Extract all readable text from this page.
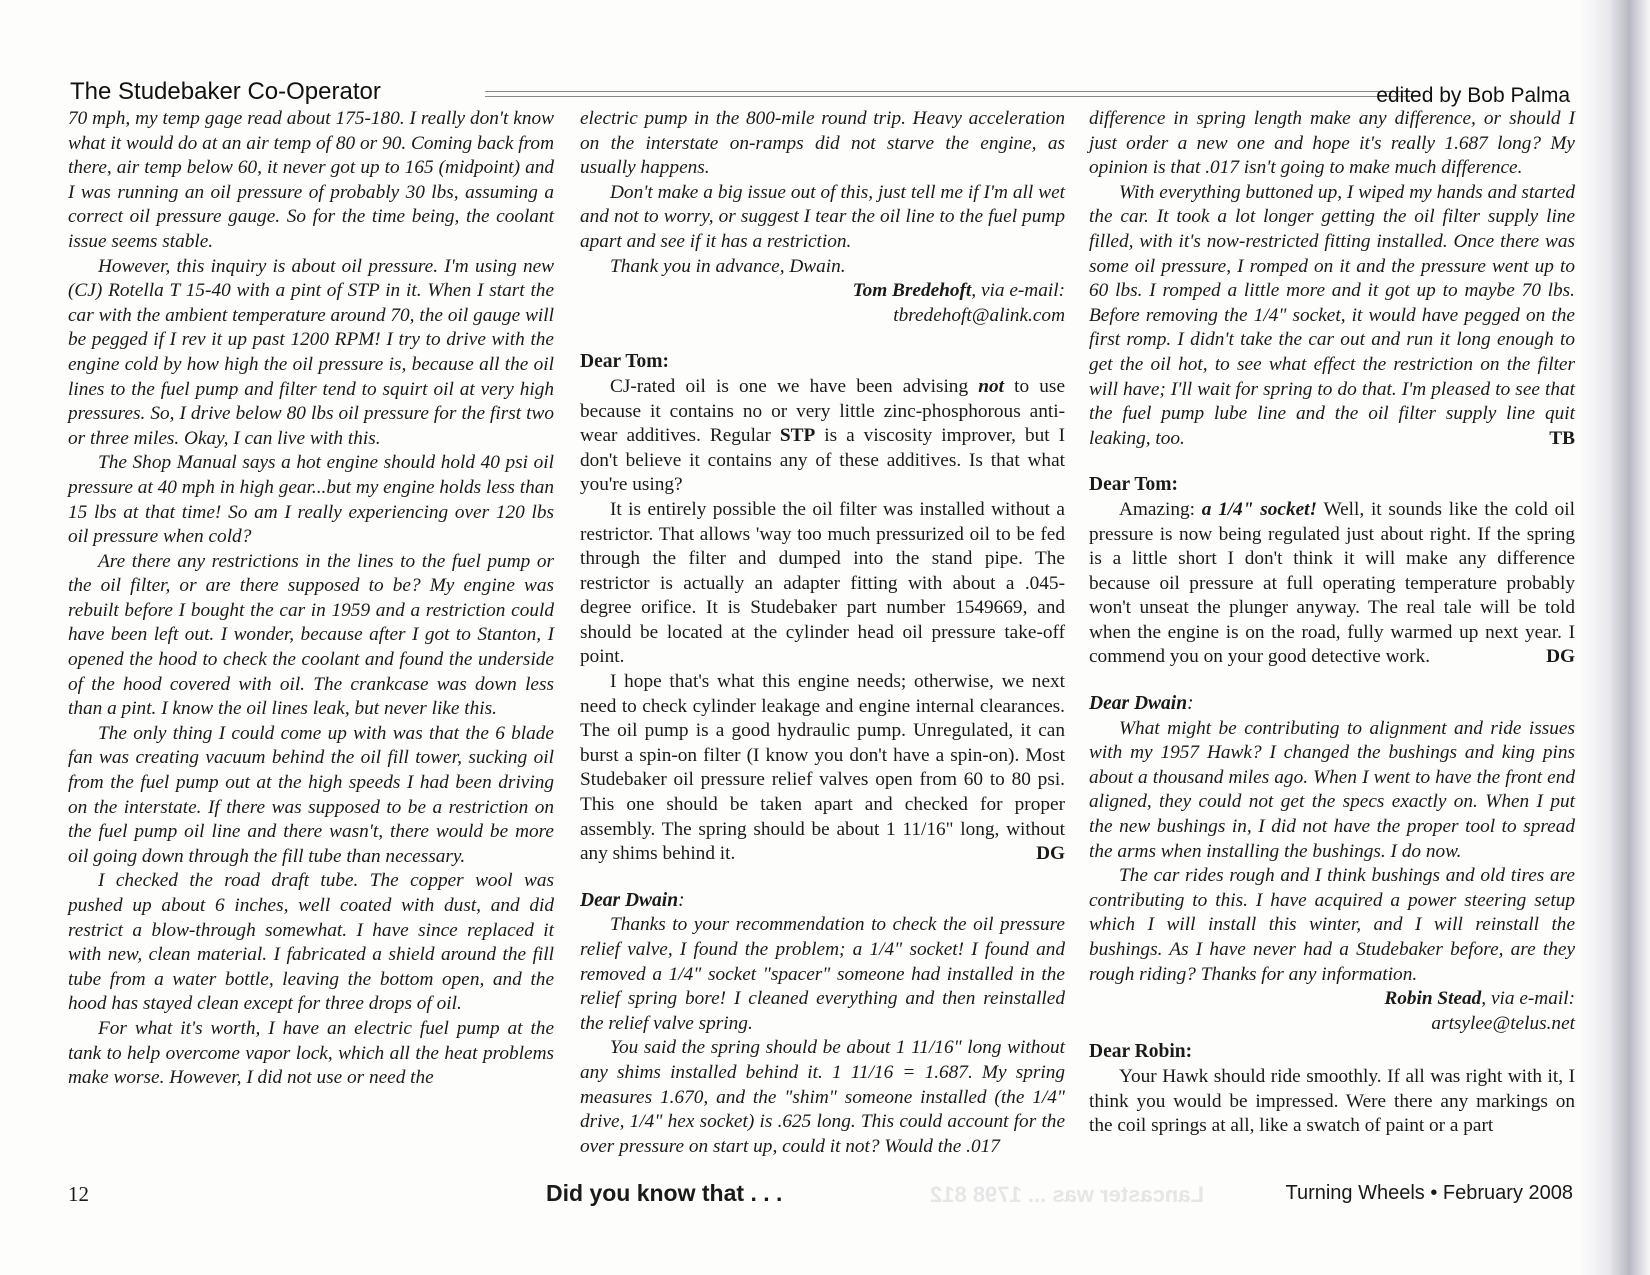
The Studebaker Co-Operator	edited by Bob Palma

70 mph, my temp gage read about 175-180. I really don't know what it would do at an air temp of 80 or 90. Coming back from there, air temp below 60, it never got up to 165 (midpoint) and I was running an oil pressure of probably 30 lbs, assuming a correct oil pressure gauge. So for the time being, the coolant issue seems stable.

However, this inquiry is about oil pressure. I'm using new (CJ) Rotella T 15-40 with a pint of STP in it. When I start the car with the ambient temperature around 70, the oil gauge will be pegged if I rev it up past 1200 RPM! I try to drive with the engine cold by how high the oil pressure is, because all the oil lines to the fuel pump and filter tend to squirt oil at very high pressures. So, I drive below 80 lbs oil pressure for the first two or three miles. Okay, I can live with this.

The Shop Manual says a hot engine should hold 40 psi oil pressure at 40 mph in high gear...but my engine holds less than 15 lbs at that time! So am I really experiencing over 120 lbs oil pressure when cold?

Are there any restrictions in the lines to the fuel pump or the oil filter, or are there supposed to be? My engine was rebuilt before I bought the car in 1959 and a restriction could have been left out. I wonder, because after I got to Stanton, I opened the hood to check the coolant and found the underside of the hood covered with oil. The crankcase was down less than a pint. I know the oil lines leak, but never like this.

The only thing I could come up with was that the 6 blade fan was creating vacuum behind the oil fill tower, sucking oil from the fuel pump out at the high speeds I had been driving on the interstate. If there was supposed to be a restriction on the fuel pump oil line and there wasn't, there would be more oil going down through the fill tube than necessary.

I checked the road draft tube. The copper wool was pushed up about 6 inches, well coated with dust, and did restrict a blow-through somewhat. I have since replaced it with new, clean material. I fabricated a shield around the fill tube from a water bottle, leaving the bottom open, and the hood has stayed clean except for three drops of oil.

For what it's worth, I have an electric fuel pump at the tank to help overcome vapor lock, which all the heat problems make worse. However, I did not use or need the

electric pump in the 800-mile round trip. Heavy acceleration on the interstate on-ramps did not starve the engine, as usually happens.

Don't make a big issue out of this, just tell me if I'm all wet and not to worry, or suggest I tear the oil line to the fuel pump apart and see if it has a restriction.

Thank you in advance, Dwain.

Tom Bredehoft, via e-mail:

tbredehoft@alink.com

Dear Tom:

CJ-rated oil is one we have been advising not to use because it contains no or very little zinc-phosphorous anti-wear additives. Regular STP is a viscosity improver, but I don't believe it contains any of these additives. Is that what you're using?

It is entirely possible the oil filter was installed without a restrictor. That allows 'way too much pressurized oil to be fed through the filter and dumped into the stand pipe. The restrictor is actually an adapter fitting with about a .045-degree orifice. It is Studebaker part number 1549669, and should be located at the cylinder head oil pressure take-off point.

I hope that's what this engine needs; otherwise, we next need to check cylinder leakage and engine internal clearances. The oil pump is a good hydraulic pump. Unregulated, it can burst a spin-on filter (I know you don't have a spin-on). Most Studebaker oil pressure relief valves open from 60 to 80 psi. This one should be taken apart and checked for proper assembly. The spring should be about 1 11/16" long, without any shims behind it.	DG

Dear Dwain:

Thanks to your recommendation to check the oil pressure relief valve, I found the problem; a 1/4" socket! I found and removed a 1/4" socket "spacer" someone had installed in the relief spring bore! I cleaned everything and then reinstalled the relief valve spring.

You said the spring should be about 1 11/16" long without any shims installed behind it. 1 11/16 = 1.687. My spring measures 1.670, and the "shim" someone installed (the 1/4" drive, 1/4" hex socket) is .625 long. This could account for the over pressure on start up, could it not? Would the .017

difference in spring length make any difference, or should I just order a new one and hope it's really 1.687 long? My opinion is that .017 isn't going to make much difference.

With everything buttoned up, I wiped my hands and started the car. It took a lot longer getting the oil filter supply line filled, with it's now-restricted fitting installed. Once there was some oil pressure, I romped on it and the pressure went up to 60 lbs. I romped a little more and it got up to maybe 70 lbs. Before removing the 1/4" socket, it would have pegged on the first romp. I didn't take the car out and run it long enough to get the oil hot, to see what effect the restriction on the filter will have; I'll wait for spring to do that. I'm pleased to see that the fuel pump lube line and the oil filter supply line quit leaking, too.	TB

Dear Tom:

Amazing: a 1/4" socket! Well, it sounds like the cold oil pressure is now being regulated just about right. If the spring is a little short I don't think it will make any difference because oil pressure at full operating temperature probably won't unseat the plunger anyway. The real tale will be told when the engine is on the road, fully warmed up next year. I commend you on your good detective work.	DG

Dear Dwain:

What might be contributing to alignment and ride issues with my 1957 Hawk? I changed the bushings and king pins about a thousand miles ago. When I went to have the front end aligned, they could not get the specs exactly on. When I put the new bushings in, I did not have the proper tool to spread the arms when installing the bushings. I do now.

The car rides rough and I think bushings and old tires are contributing to this. I have acquired a power steering setup which I will install this winter, and I will reinstall the bushings. As I have never had a Studebaker before, are they rough riding? Thanks for any information.

Robin Stead, via e-mail:

artsylee@telus.net

Dear Robin:

Your Hawk should ride smoothly. If all was right with it, I think you would be impressed. Were there any markings on the coil springs at all, like a swatch of paint or a part

Lancaster was ... 1798 812
12	Did you know that . . .	Turning Wheels • February 2008
